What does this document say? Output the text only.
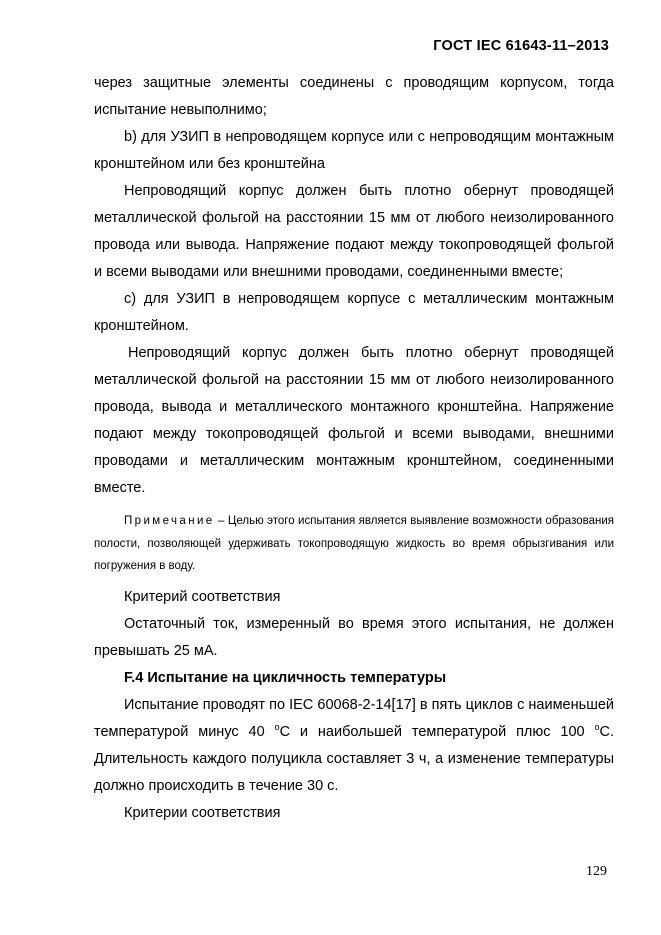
ГОСТ IEC 61643-11–2013

через защитные элементы соединены с проводящим корпусом, тогда испытание невыполнимо;

b) для УЗИП в непроводящем корпусе или с непроводящим монтажным кронштейном или без кронштейна

Непроводящий корпус должен быть плотно обернут проводящей металлической фольгой на расстоянии 15 мм от любого неизолированного провода или вывода. Напряжение подают между токопроводящей фольгой и всеми выводами или внешними проводами, соединенными вместе;

c) для УЗИП в непроводящем корпусе с металлическим монтажным кронштейном.

Непроводящий корпус должен быть плотно обернут проводящей металлической фольгой на расстоянии 15 мм от любого неизолированного провода, вывода и металлического монтажного кронштейна. Напряжение подают между токопроводящей фольгой и всеми выводами, внешними проводами и металлическим монтажным кронштейном, соединенными вместе.

Примечание – Целью этого испытания является выявление возможности образования полости, позволяющей удерживать токопроводящую жидкость во время обрызгивания или погружения в воду.

Критерий соответствия

Остаточный ток, измеренный во время этого испытания, не должен превышать 25 мА.

F.4 Испытание на цикличность температуры

Испытание проводят по IEC 60068-2-14[17] в пять циклов с наименьшей температурой минус 40 $^o$С и наибольшей температурой плюс 100 $^o$С. Длительность каждого полуцикла составляет 3 ч, а изменение температуры должно происходить в течение 30 с.

Критерии соответствия

129
